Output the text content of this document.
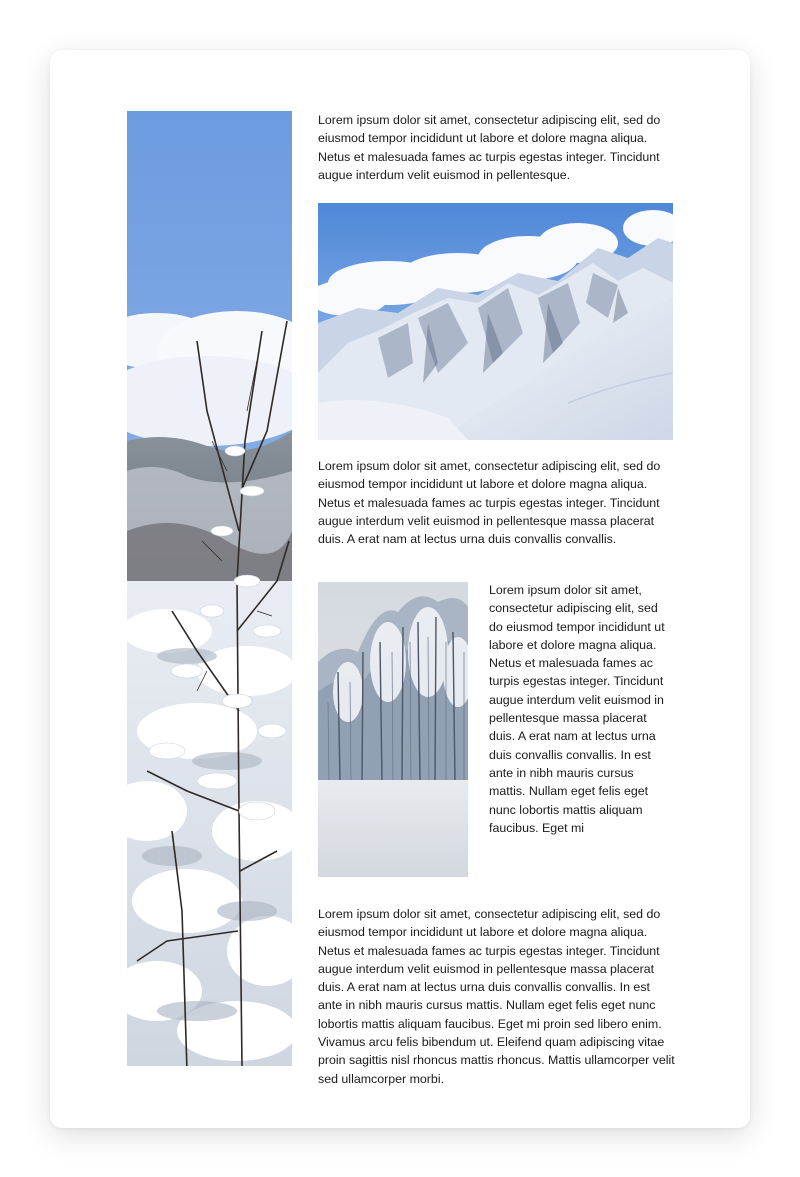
Lorem ipsum dolor sit amet, consectetur adipiscing elit, sed do eiusmod tempor incididunt ut labore et dolore magna aliqua. Netus et malesuada fames ac turpis egestas integer. Tincidunt augue interdum velit euismod in pellentesque.

Lorem ipsum dolor sit amet, consectetur adipiscing elit, sed do eiusmod tempor incididunt ut labore et dolore magna aliqua. Netus et malesuada fames ac turpis egestas integer. Tincidunt augue interdum velit euismod in pellentesque massa placerat duis. A erat nam at lectus urna duis convallis convallis.

Lorem ipsum dolor sit amet, consectetur adipiscing elit, sed do eiusmod tempor incididunt ut labore et dolore magna aliqua. Netus et malesuada fames ac turpis egestas integer. Tincidunt augue interdum velit euismod in pellentesque massa placerat duis. A erat nam at lectus urna duis convallis convallis. In est ante in nibh mauris cursus mattis. Nullam eget felis eget nunc lobortis mattis aliquam faucibus. Eget mi

Lorem ipsum dolor sit amet, consectetur adipiscing elit, sed do eiusmod tempor incididunt ut labore et dolore magna aliqua. Netus et malesuada fames ac turpis egestas integer. Tincidunt augue interdum velit euismod in pellentesque massa placerat duis. A erat nam at lectus urna duis convallis convallis. In est ante in nibh mauris cursus mattis. Nullam eget felis eget nunc lobortis mattis aliquam faucibus. Eget mi proin sed libero enim. Vivamus arcu felis bibendum ut. Eleifend quam adipiscing vitae proin sagittis nisl rhoncus mattis rhoncus. Mattis ullamcorper velit sed ullamcorper morbi.
